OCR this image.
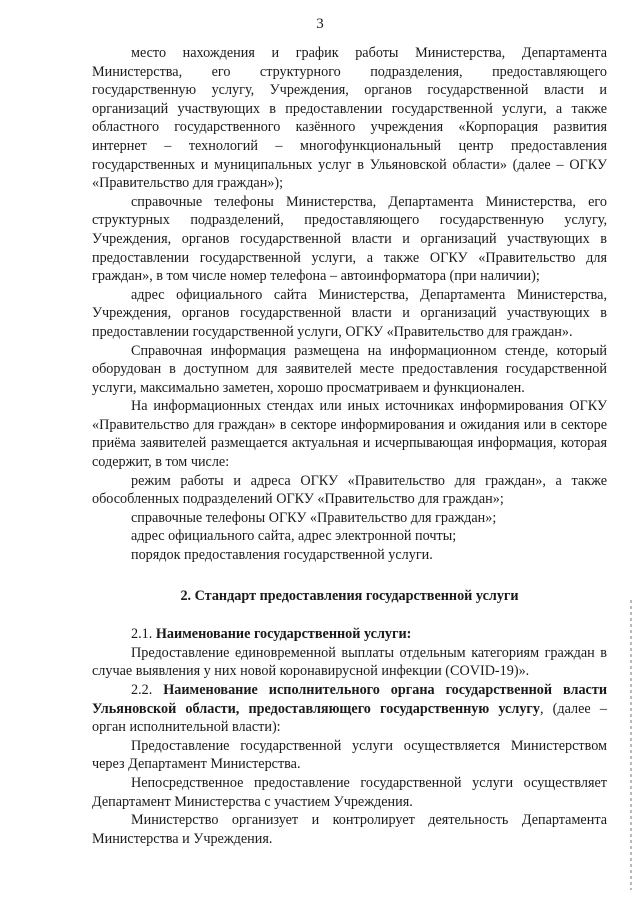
3

место нахождения и график работы Министерства, Департамента Министерства, его структурного подразделения, предоставляющего государственную услугу, Учреждения, органов государственной власти и организаций участвующих в предоставлении государственной услуги, а также областного государственного казённого учреждения «Корпорация развития интернет – технологий – многофункциональный центр предоставления государственных и муниципальных услуг в Ульяновской области» (далее – ОГКУ «Правительство для граждан»);

справочные телефоны Министерства, Департамента Министерства, его структурных подразделений, предоставляющего государственную услугу, Учреждения, органов государственной власти и организаций участвующих в предоставлении государственной услуги, а также ОГКУ «Правительство для граждан», в том числе номер телефона – автоинформатора (при наличии);

адрес официального сайта Министерства, Департамента Министерства, Учреждения, органов государственной власти и организаций участвующих в предоставлении государственной услуги, ОГКУ «Правительство для граждан».

Справочная информация размещена на информационном стенде, который оборудован в доступном для заявителей месте предоставления государственной услуги, максимально заметен, хорошо просматриваем и функционален.

На информационных стендах или иных источниках информирования ОГКУ «Правительство для граждан» в секторе информирования и ожидания или в секторе приёма заявителей размещается актуальная и исчерпывающая информация, которая содержит, в том числе:

режим работы и адреса ОГКУ «Правительство для граждан», а также обособленных подразделений ОГКУ «Правительство для граждан»;

справочные телефоны ОГКУ «Правительство для граждан»;

адрес официального сайта, адрес электронной почты;

порядок предоставления государственной услуги.

2. Стандарт предоставления государственной услуги

2.1. Наименование государственной услуги:

Предоставление единовременной выплаты отдельным категориям граждан в случае выявления у них новой коронавирусной инфекции (COVID-19)».

2.2. Наименование исполнительного органа государственной власти Ульяновской области, предоставляющего государственную услугу, (далее – орган исполнительной власти):

Предоставление государственной услуги осуществляется Министерством через Департамент Министерства.

Непосредственное предоставление государственной услуги осуществляет Департамент Министерства с участием Учреждения.

Министерство организует и контролирует деятельность Департамента Министерства и Учреждения.
